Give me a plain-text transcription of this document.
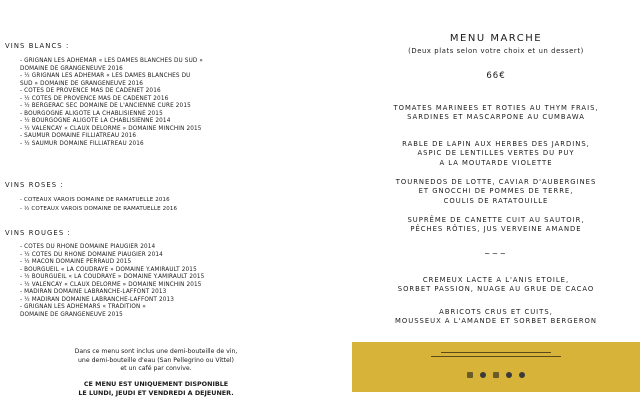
VINS BLANCS :
- GRIGNAN LES ADHEMAR « LES DAMES BLANCHES DU SUD »
DOMAINE DE GRANGENEUVE 2016
- ½ GRIGNAN LES ADHEMAR « LES DAMES BLANCHES DU
SUD » DOMAINE DE GRANGENEUVE 2016
- COTES DE PROVENCE MAS DE CADENET 2016
- ½ COTES DE PROVENCE MAS DE CADENET 2016
- ½ BERGERAC SEC DOMAINE DE L'ANCIENNE CURE 2015
- BOURGOGNE ALIGOTE LA CHABLISIENNE 2015
- ½ BOURGOGNE ALIGOTE LA CHABLISIENNE 2014
- ½ VALENCAY « CLAUX DELORME » DOMAINE MINCHIN 2015
- SAUMUR DOMAINE FILLIATREAU 2016
- ½ SAUMUR DOMAINE FILLIATREAU 2016
VINS ROSES :
- COTEAUX VAROIS DOMAINE DE RAMATUELLE 2016
- ½ COTEAUX VAROIS DOMAINE DE RAMATUELLE 2016
VINS ROUGES :
- COTES DU RHONE DOMAINE PIAUGIER 2014
- ½ COTES DU RHONE DOMAINE PIAUGIER 2014
- ½ MACON DOMAINE PERRAUD 2015
- BOURGUEIL « LA COUDRAYE » DOMAINE Y.AMIRAULT 2015
- ½ BOURGUEIL « LA COUDRAYE » DOMAINE Y.AMIRAULT 2015
- ½ VALENCAY « CLAUX DELORME » DOMAINE MINCHIN 2015
- MADIRAN DOMAINE LABRANCHE-LAFFONT 2013
- ½ MADIRAN DOMAINE LABRANCHE-LAFFONT 2013
- GRIGNAN LES ADHEMARS « TRADITION »
DOMAINE DE GRANGENEUVE 2015
Dans ce menu sont inclus une demi-bouteille de vin,
une demi-bouteille d'eau (San Pellegrino ou Vittel)
et un café par convive.
CE MENU EST UNIQUEMENT DISPONIBLE
LE LUNDI, JEUDI ET VENDREDI A DEJEUNER.
MENU MARCHE
(Deux plats selon votre choix et un dessert)
66€
TOMATES MARINEES ET ROTIES AU THYM FRAIS,
SARDINES ET MASCARPONE AU CUMBAWA
RABLE DE LAPIN AUX HERBES DES JARDINS,
ASPIC DE LENTILLES VERTES DU PUY
A LA MOUTARDE VIOLETTE
TOURNEDOS DE LOTTE, CAVIAR D'AUBERGINES
ET GNOCCHI DE POMMES DE TERRE,
COULIS DE RATATOUILLE
SUPRÊME DE CANETTE CUIT AU SAUTOIR,
PÊCHES RÔTIES, JUS VERVEINE AMANDE
~~~
CREMEUX LACTE A L'ANIS ETOILE,
SORBET PASSION, NUAGE AU GRUE DE CACAO
ABRICOTS CRUS ET CUITS,
MOUSSEUX A L'AMANDE ET SORBET BERGERON
